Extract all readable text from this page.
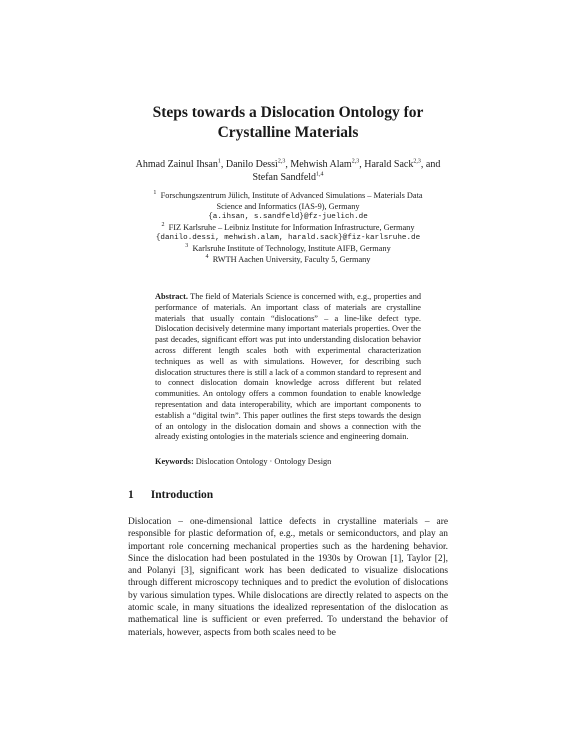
Steps towards a Dislocation Ontology for
Crystalline Materials
Ahmad Zainul Ihsan$^1$, Danilo Dessì$^{2,3}$, Mehwish Alam$^{2,3}$, Harald Sack$^{2,3}$, and
Stefan Sandfeld$^{1,4}$
$^1$ Forschungszentrum Jülich, Institute of Advanced Simulations – Materials Data
Science and Informatics (IAS-9), Germany
{a.ihsan, s.sandfeld}@fz-juelich.de
$^2$ FIZ Karlsruhe – Leibniz Institute for Information Infrastructure, Germany
{danilo.dessi, mehwish.alam, harald.sack}@fiz-karlsruhe.de
$^3$ Karlsruhe Institute of Technology, Institute AIFB, Germany
$^4$ RWTH Aachen University, Faculty 5, Germany
Abstract. The field of Materials Science is concerned with, e.g., properties and performance of materials. An important class of materials are crystalline materials that usually contain “dislocations” – a line-like defect type. Dislocation decisively determine many important materials properties. Over the past decades, significant effort was put into understanding dislocation behavior across different length scales both with experimental characterization techniques as well as with simulations. However, for describing such dislocation structures there is still a lack of a common standard to represent and to connect dislocation domain knowledge across different but related communities. An ontology offers a common foundation to enable knowledge representation and data interoperability, which are important components to establish a “digital twin”. This paper outlines the first steps towards the design of an ontology in the dislocation domain and shows a connection with the already existing ontologies in the materials science and engineering domain.
Keywords: Dislocation Ontology · Ontology Design
1 Introduction

Dislocation – one-dimensional lattice defects in crystalline materials – are responsible for plastic deformation of, e.g., metals or semiconductors, and play an important role concerning mechanical properties such as the hardening behavior. Since the dislocation had been postulated in the 1930s by Orowan [1], Taylor [2], and Polanyi [3], significant work has been dedicated to visualize dislocations through different microscopy techniques and to predict the evolution of dislocations by various simulation types. While dislocations are directly related to aspects on the atomic scale, in many situations the idealized representation of the dislocation as mathematical line is sufficient or even preferred. To understand the behavior of materials, however, aspects from both scales need to be
